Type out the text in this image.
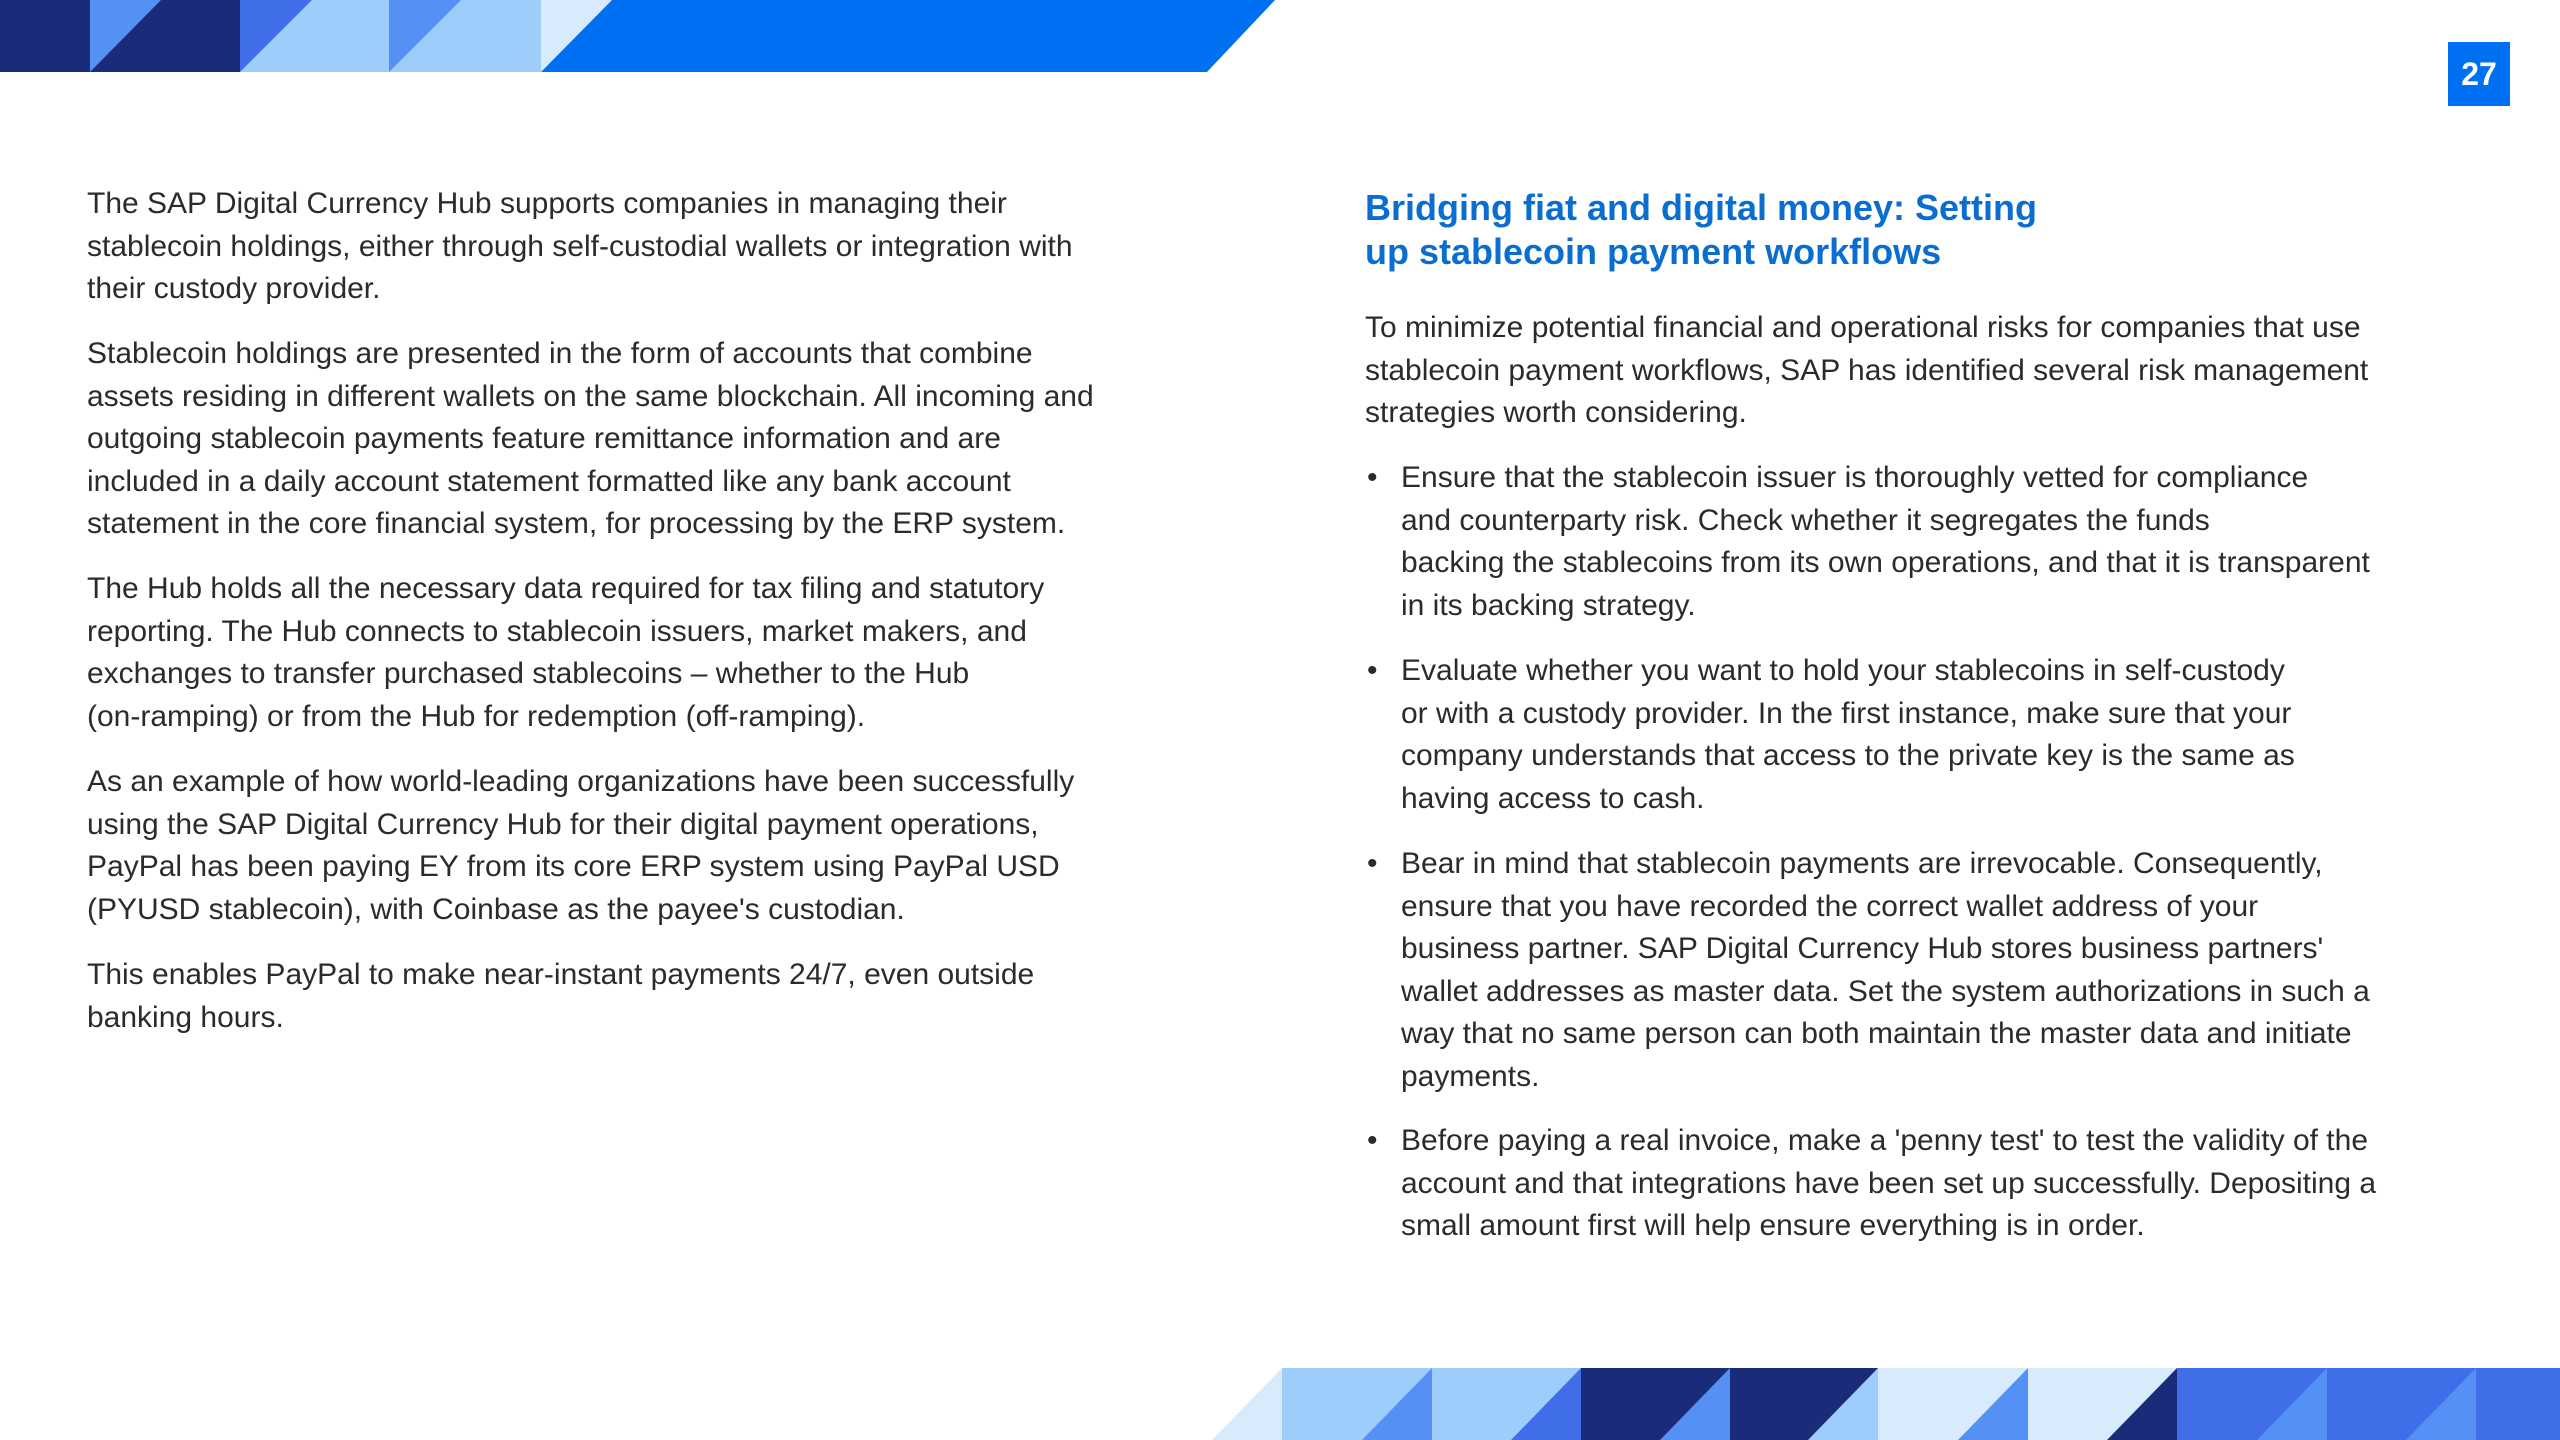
27
The SAP Digital Currency Hub supports companies in managing their
stablecoin holdings, either through self-custodial wallets or integration with
their custody provider.
Stablecoin holdings are presented in the form of accounts that combine
assets residing in different wallets on the same blockchain. All incoming and
outgoing stablecoin payments feature remittance information and are
included in a daily account statement formatted like any bank account
statement in the core financial system, for processing by the ERP system.
The Hub holds all the necessary data required for tax filing and statutory
reporting. The Hub connects to stablecoin issuers, market makers, and
exchanges to transfer purchased stablecoins – whether to the Hub
(on-ramping) or from the Hub for redemption (off-ramping).
As an example of how world-leading organizations have been successfully
using the SAP Digital Currency Hub for their digital payment operations,
PayPal has been paying EY from its core ERP system using PayPal USD
(PYUSD stablecoin), with Coinbase as the payee's custodian.
This enables PayPal to make near-instant payments 24/7, even outside
banking hours.
Bridging fiat and digital money: Setting
up stablecoin payment workflows
To minimize potential financial and operational risks for companies that use
stablecoin payment workflows, SAP has identified several risk management
strategies worth considering.
• Ensure that the stablecoin issuer is thoroughly vetted for compliance
and counterparty risk. Check whether it segregates the funds
backing the stablecoins from its own operations, and that it is transparent
in its backing strategy.
• Evaluate whether you want to hold your stablecoins in self-custody
or with a custody provider. In the first instance, make sure that your
company understands that access to the private key is the same as
having access to cash.
• Bear in mind that stablecoin payments are irrevocable. Consequently,
ensure that you have recorded the correct wallet address of your
business partner. SAP Digital Currency Hub stores business partners'
wallet addresses as master data. Set the system authorizations in such a
way that no same person can both maintain the master data and initiate
payments.
• Before paying a real invoice, make a 'penny test' to test the validity of the
account and that integrations have been set up successfully. Depositing a
small amount first will help ensure everything is in order.
